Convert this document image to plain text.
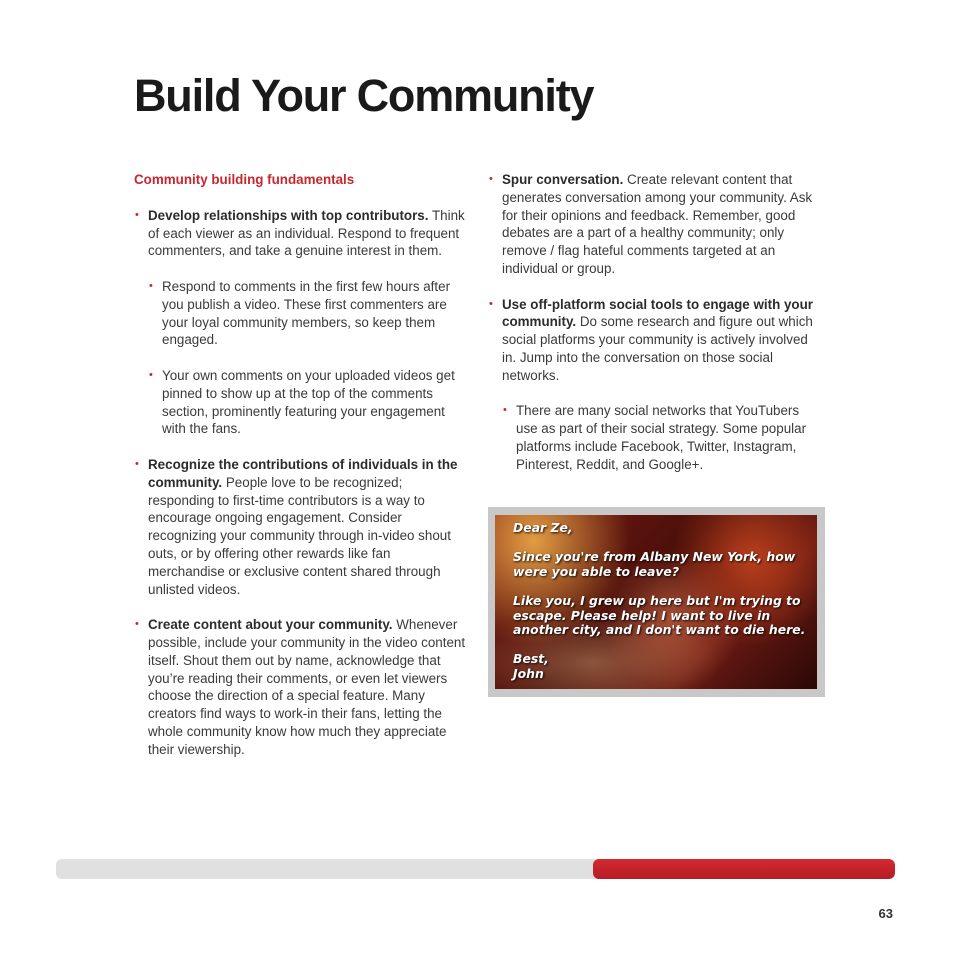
Build Your Community
Community building fundamentals
• Develop relationships with top contributors. Think of each viewer as an individual. Respond to frequent commenters, and take a genuine interest in them.
• Respond to comments in the first few hours after you publish a video. These first commenters are your loyal community members, so keep them engaged.
• Your own comments on your uploaded videos get pinned to show up at the top of the comments section, prominently featuring your engagement with the fans.
• Recognize the contributions of individuals in the community. People love to be recognized; responding to first-time contributors is a way to encourage ongoing engagement. Consider recognizing your community through in-video shout outs, or by offering other rewards like fan merchandise or exclusive content shared through unlisted videos.
• Create content about your community. Whenever possible, include your community in the video content itself. Shout them out by name, acknowledge that you’re reading their comments, or even let viewers choose the direction of a special feature. Many creators find ways to work-in their fans, letting the whole community know how much they appreciate their viewership.
• Spur conversation. Create relevant content that generates conversation among your community. Ask for their opinions and feedback. Remember, good debates are a part of a healthy community; only remove / flag hateful comments targeted at an individual or group.
• Use off-platform social tools to engage with your community. Do some research and figure out which social platforms your community is actively involved in. Jump into the conversation on those social networks.
• There are many social networks that YouTubers use as part of their social strategy. Some popular platforms include Facebook, Twitter, Instagram, Pinterest, Reddit, and Google+.
Dear Ze,
Since you're from Albany New York, how were you able to leave?
Like you, I grew up here but I'm trying to escape. Please help! I want to live in another city, and I don't want to die here.
Best,
John
63
